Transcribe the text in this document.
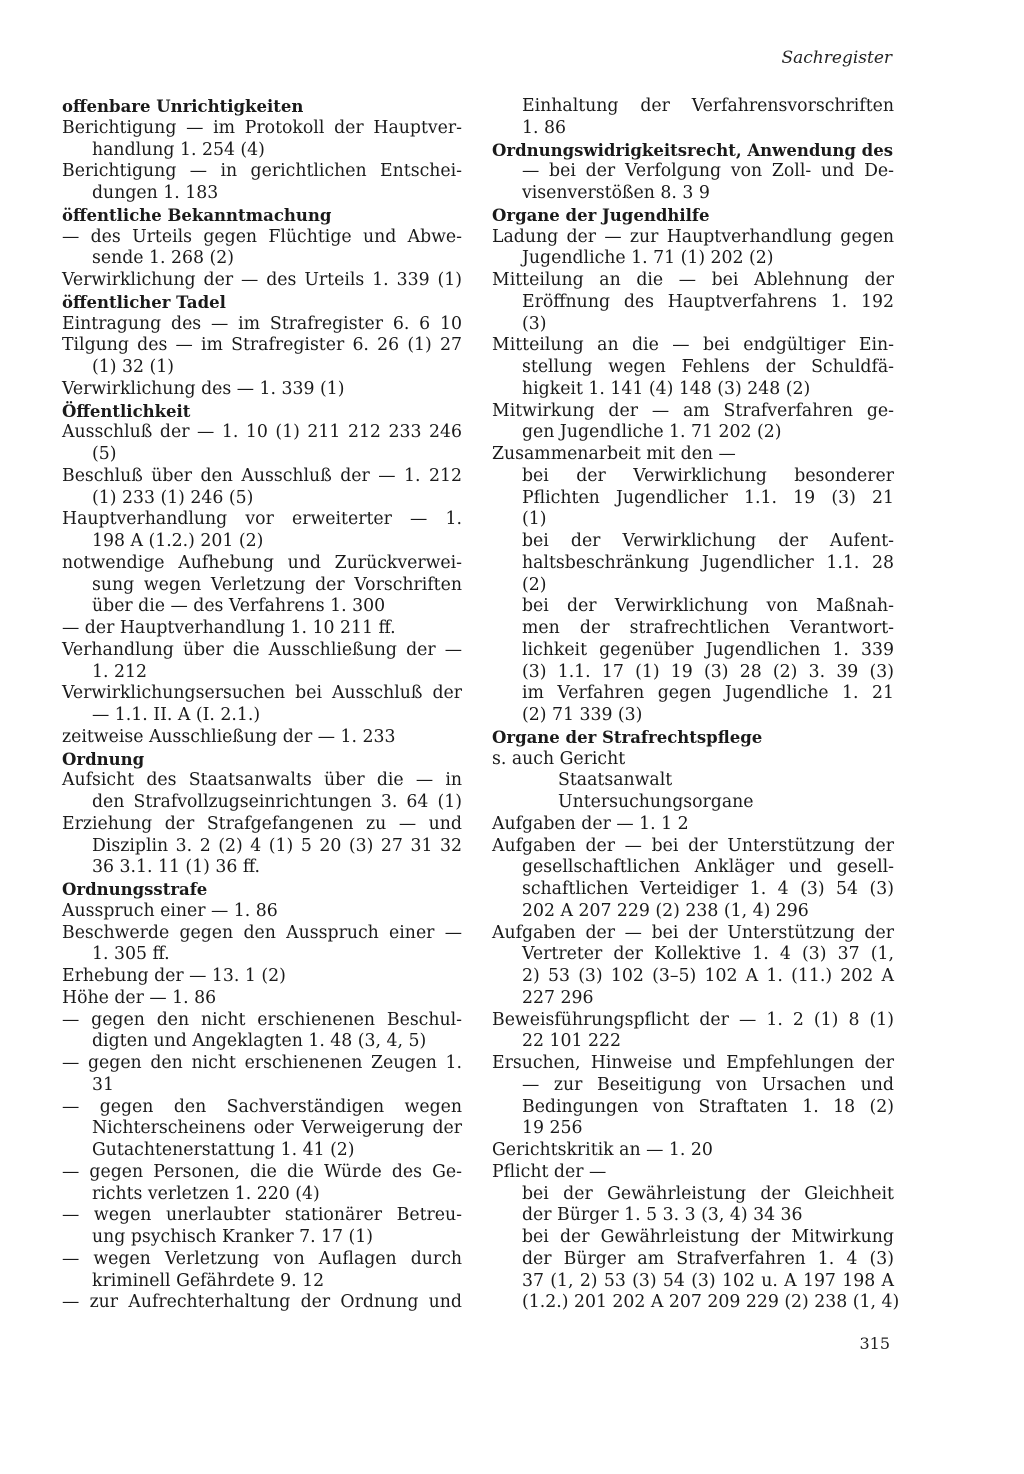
Sachregister
offenbare Unrichtigkeiten
Berichtigung — im Protokoll der Hauptver-
handlung 1. 254 (4)
Berichtigung — in gerichtlichen Entschei-
dungen 1. 183
öffentliche Bekanntmachung
— des Urteils gegen Flüchtige und Abwe-
sende 1. 268 (2)
Verwirklichung der — des Urteils 1. 339 (1)
öffentlicher Tadel
Eintragung des — im Strafregister 6. 6 10
Tilgung des — im Strafregister 6. 26 (1) 27
(1) 32 (1)
Verwirklichung des — 1. 339 (1)
Öffentlichkeit
Ausschluß der — 1. 10 (1) 211 212 233 246
(5)
Beschluß über den Ausschluß der — 1. 212
(1) 233 (1) 246 (5)
Hauptverhandlung vor erweiterter — 1.
198 A (1.2.) 201 (2)
notwendige Aufhebung und Zurückverwei-
sung wegen Verletzung der Vorschriften
über die — des Verfahrens 1. 300
— der Hauptverhandlung 1. 10 211 ff.
Verhandlung über die Ausschließung der —
1. 212
Verwirklichungsersuchen bei Ausschluß der
— 1.1. II. A (I. 2.1.)
zeitweise Ausschließung der — 1. 233
Ordnung
Aufsicht des Staatsanwalts über die — in
den Strafvollzugseinrichtungen 3. 64 (1)
Erziehung der Strafgefangenen zu — und
Disziplin 3. 2 (2) 4 (1) 5 20 (3) 27 31 32
36 3.1. 11 (1) 36 ff.
Ordnungsstrafe
Ausspruch einer — 1. 86
Beschwerde gegen den Ausspruch einer —
1. 305 ff.
Erhebung der — 13. 1 (2)
Höhe der — 1. 86
— gegen den nicht erschienenen Beschul-
digten und Angeklagten 1. 48 (3, 4, 5)
— gegen den nicht erschienenen Zeugen 1.
31
— gegen den Sachverständigen wegen
Nichterscheinens oder Verweigerung der
Gutachtenerstattung 1. 41 (2)
— gegen Personen, die die Würde des Ge-
richts verletzen 1. 220 (4)
— wegen unerlaubter stationärer Betreu-
ung psychisch Kranker 7. 17 (1)
— wegen Verletzung von Auflagen durch
kriminell Gefährdete 9. 12
— zur Aufrechterhaltung der Ordnung und
Einhaltung der Verfahrensvorschriften
1. 86
Ordnungswidrigkeitsrecht, Anwendung des
— bei der Verfolgung von Zoll- und De-
visenverstößen 8. 3 9
Organe der Jugendhilfe
Ladung der — zur Hauptverhandlung gegen
Jugendliche 1. 71 (1) 202 (2)
Mitteilung an die — bei Ablehnung der
Eröffnung des Hauptverfahrens 1. 192
(3)
Mitteilung an die — bei endgültiger Ein-
stellung wegen Fehlens der Schuldfä-
higkeit 1. 141 (4) 148 (3) 248 (2)
Mitwirkung der — am Strafverfahren ge-
gen Jugendliche 1. 71 202 (2)
Zusammenarbeit mit den —
bei der Verwirklichung besonderer
Pflichten Jugendlicher 1.1. 19 (3) 21
(1)
bei der Verwirklichung der Aufent-
haltsbeschränkung Jugendlicher 1.1. 28
(2)
bei der Verwirklichung von Maßnah-
men der strafrechtlichen Verantwort-
lichkeit gegenüber Jugendlichen 1. 339
(3) 1.1. 17 (1) 19 (3) 28 (2) 3. 39 (3)
im Verfahren gegen Jugendliche 1. 21
(2) 71 339 (3)
Organe der Strafrechtspflege
s. auch Gericht
Staatsanwalt
Untersuchungsorgane
Aufgaben der — 1. 1 2
Aufgaben der — bei der Unterstützung der
gesellschaftlichen Ankläger und gesell-
schaftlichen Verteidiger 1. 4 (3) 54 (3)
202 A 207 229 (2) 238 (1, 4) 296
Aufgaben der — bei der Unterstützung der
Vertreter der Kollektive 1. 4 (3) 37 (1,
2) 53 (3) 102 (3–5) 102 A 1. (11.) 202 A
227 296
Beweisführungspflicht der — 1. 2 (1) 8 (1)
22 101 222
Ersuchen, Hinweise und Empfehlungen der
— zur Beseitigung von Ursachen und
Bedingungen von Straftaten 1. 18 (2)
19 256
Gerichtskritik an — 1. 20
Pflicht der —
bei der Gewährleistung der Gleichheit
der Bürger 1. 5 3. 3 (3, 4) 34 36
bei der Gewährleistung der Mitwirkung
der Bürger am Strafverfahren 1. 4 (3)
37 (1, 2) 53 (3) 54 (3) 102 u. A 197 198 A
(1.2.) 201 202 A 207 209 229 (2) 238 (1, 4)
315
